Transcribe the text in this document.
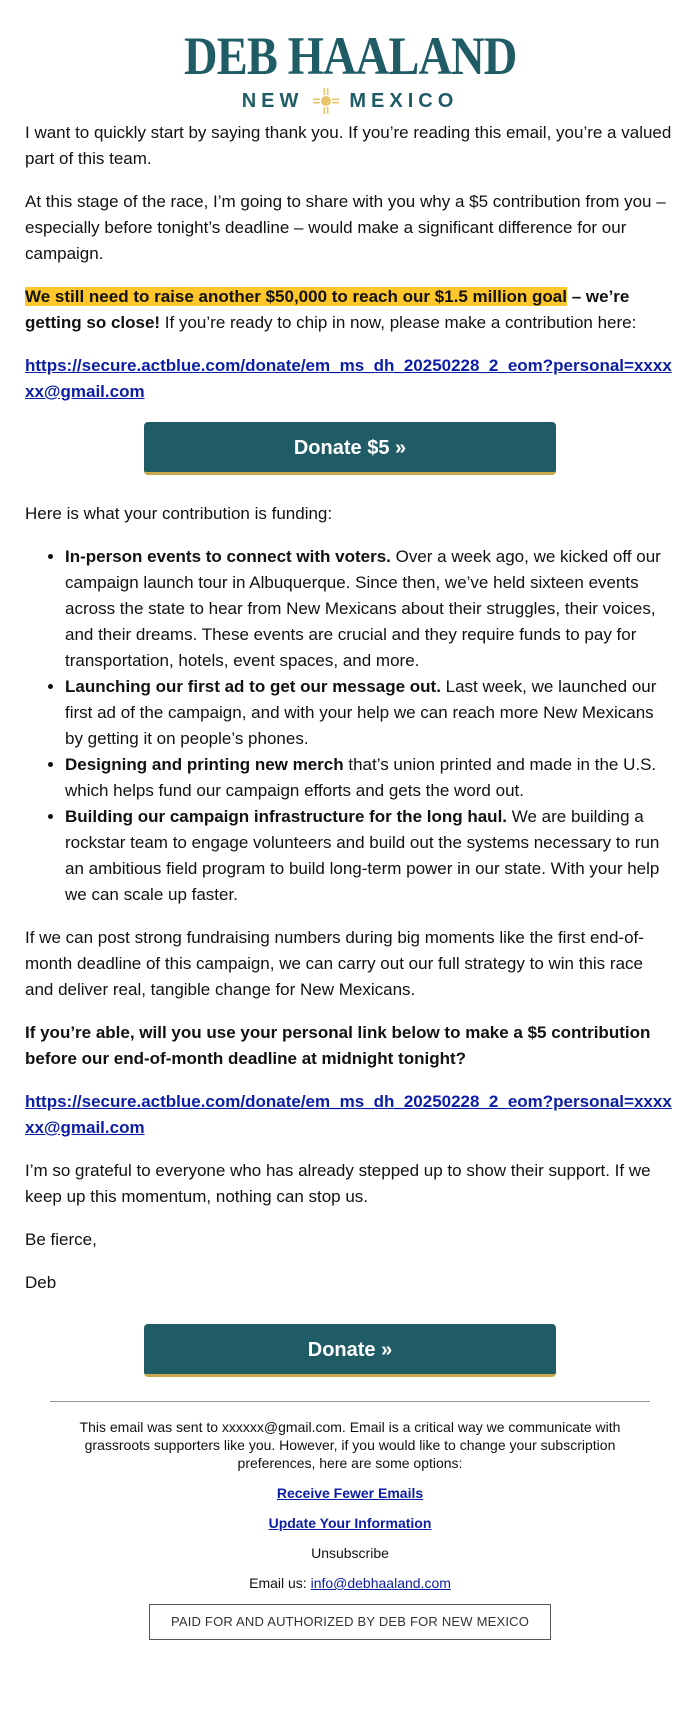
DEB HAALAND
NEW MEXICO

I want to quickly start by saying thank you. If you’re reading this email, you’re a valued part of this team.

At this stage of the race, I’m going to share with you why a $5 contribution from you – especially before tonight’s deadline – would make a significant difference for our campaign.

We still need to raise another $50,000 to reach our $1.5 million goal – we’re getting so close! If you’re ready to chip in now, please make a contribution here:

https://secure.actblue.com/donate/em_ms_dh_20250228_2_eom?personal=xxxxxx@gmail.com

Donate $5 »

Here is what your contribution is funding:

• In-person events to connect with voters. Over a week ago, we kicked off our campaign launch tour in Albuquerque. Since then, we’ve held sixteen events across the state to hear from New Mexicans about their struggles, their voices, and their dreams. These events are crucial and they require funds to pay for transportation, hotels, event spaces, and more.
• Launching our first ad to get our message out. Last week, we launched our first ad of the campaign, and with your help we can reach more New Mexicans by getting it on people’s phones.
• Designing and printing new merch that’s union printed and made in the U.S. which helps fund our campaign efforts and gets the word out.
• Building our campaign infrastructure for the long haul. We are building a rockstar team to engage volunteers and build out the systems necessary to run an ambitious field program to build long-term power in our state. With your help we can scale up faster.

If we can post strong fundraising numbers during big moments like the first end-of-month deadline of this campaign, we can carry out our full strategy to win this race and deliver real, tangible change for New Mexicans.

If you’re able, will you use your personal link below to make a $5 contribution before our end-of-month deadline at midnight tonight?

https://secure.actblue.com/donate/em_ms_dh_20250228_2_eom?personal=xxxxxx@gmail.com

I’m so grateful to everyone who has already stepped up to show their support. If we keep up this momentum, nothing can stop us.

Be fierce,

Deb

Donate »

This email was sent to xxxxxx@gmail.com. Email is a critical way we communicate with grassroots supporters like you. However, if you would like to change your subscription preferences, here are some options:

Receive Fewer Emails

Update Your Information

Unsubscribe

Email us: info@debhaaland.com

PAID FOR AND AUTHORIZED BY DEB FOR NEW MEXICO
